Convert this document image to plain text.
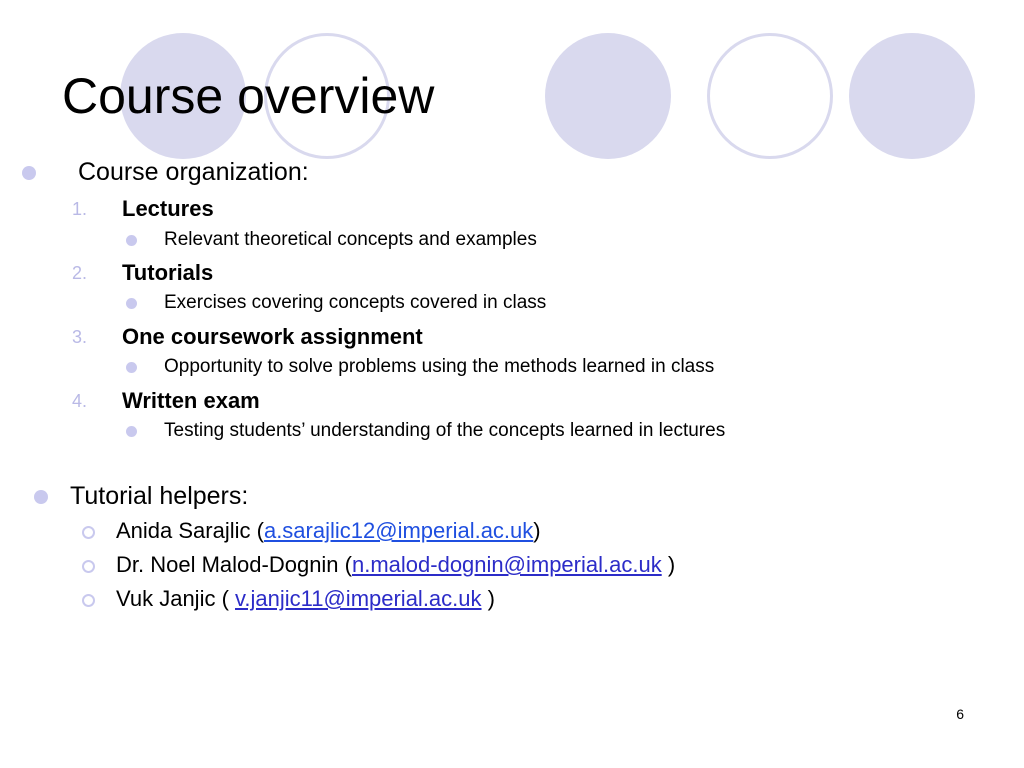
Course overview
Course organization:
1. Lectures
Relevant theoretical concepts and examples
2. Tutorials
Exercises covering concepts covered in class
3. One coursework assignment
Opportunity to solve problems using the methods learned in class
4. Written exam
Testing students’ understanding of the concepts learned in lectures
Tutorial helpers:
Anida Sarajlic (a.sarajlic12@imperial.ac.uk)
Dr. Noel Malod-Dognin (n.malod-dognin@imperial.ac.uk )
Vuk Janjic ( v.janjic11@imperial.ac.uk )
6
